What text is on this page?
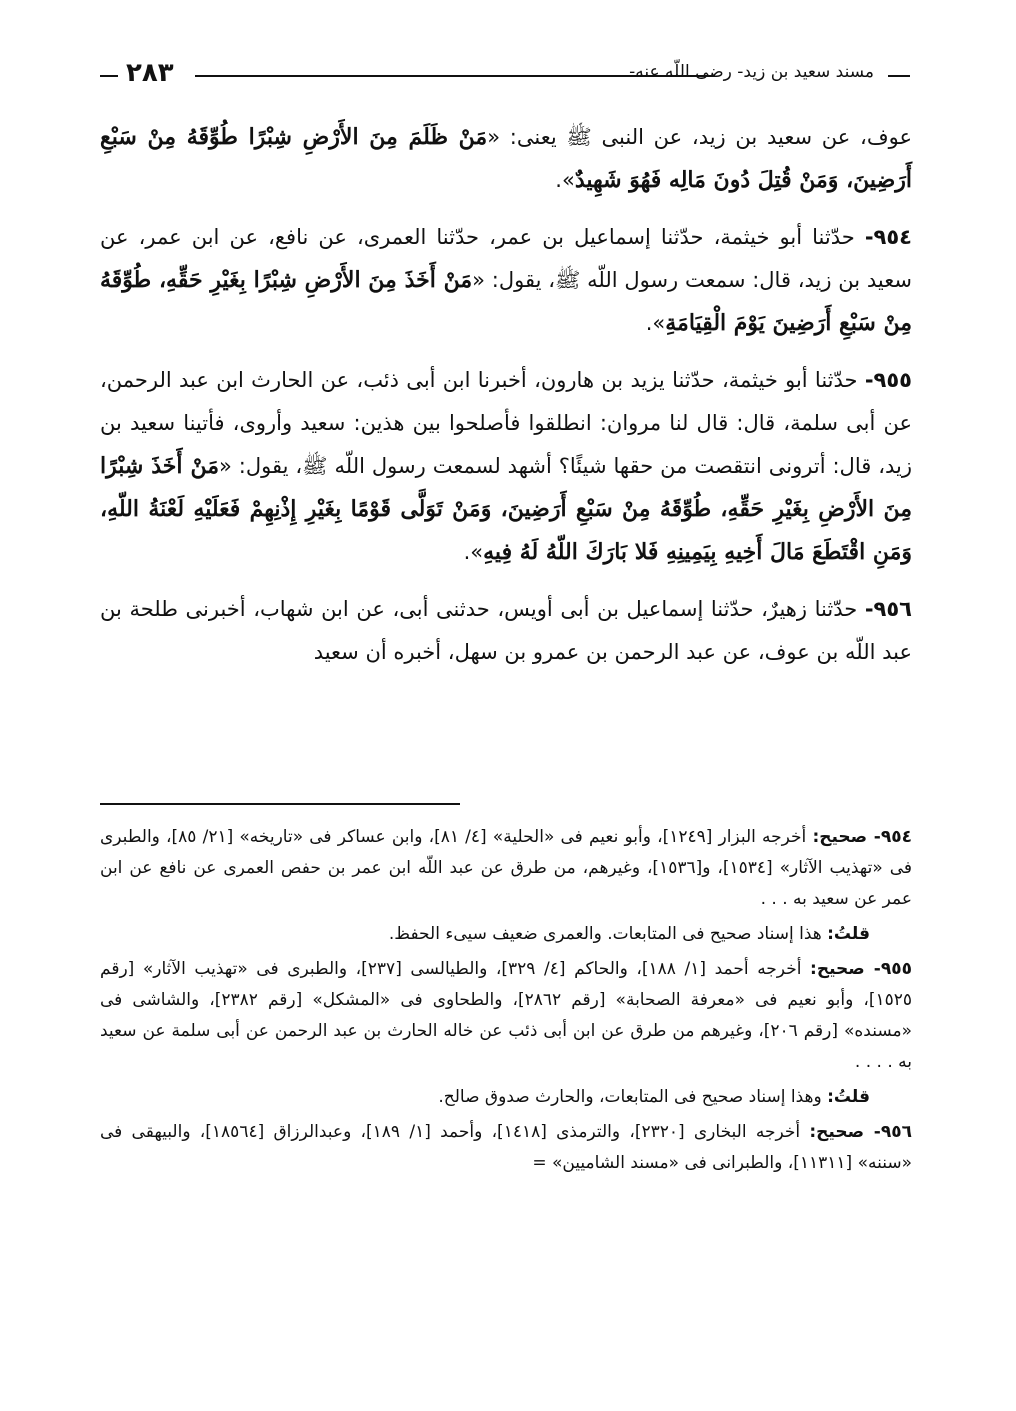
٢٨٣	مسند سعيد بن زيد- رضى اللّه عنه-

عوف، عن سعيد بن زيد، عن النبى ﷺ يعنى: «مَنْ ظَلَمَ مِنَ الأَرْضِ شِبْرًا طُوِّقَهُ مِنْ سَبْعِ أَرَضِينَ، وَمَنْ قُتِلَ دُونَ مَالِه فَهُوَ شَهِيدٌ».

٩٥٤- حدّثنا أبو خيثمة، حدّثنا إسماعيل بن عمر، حدّثنا العمرى، عن نافع، عن ابن عمر، عن سعيد بن زيد، قال: سمعت رسول اللّه ﷺ، يقول: «مَنْ أَخَذَ مِنَ الأَرْضِ شِبْرًا بِغَيْرِ حَقِّهِ، طُوِّقَهُ مِنْ سَبْعِ أَرَضِينَ يَوْمَ الْقِيَامَةِ».

٩٥٥- حدّثنا أبو خيثمة، حدّثنا يزيد بن هارون، أخبرنا ابن أبى ذئب، عن الحارث ابن عبد الرحمن، عن أبى سلمة، قال: قال لنا مروان: انطلقوا فأصلحوا بين هذين: سعيد وأروى، فأتينا سعيد بن زيد، قال: أترونى انتقصت من حقها شيئًا؟ أشهد لسمعت رسول اللّه ﷺ، يقول: «مَنْ أَخَذَ شِبْرًا مِنَ الأَرْضِ بِغَيْرِ حَقِّهِ، طُوِّقَهُ مِنْ سَبْعِ أَرَضِينَ، وَمَنْ تَوَلَّى قَوْمًا بِغَيْرِ إِذْنِهِمْ فَعَلَيْهِ لَعْنَةُ اللّهِ، وَمَنِ اقْتَطَعَ مَالَ أَخِيهِ بِيَمِينِهِ فَلا بَارَكَ اللّهُ لَهُ فِيهِ».

٩٥٦- حدّثنا زهيرٌ، حدّثنا إسماعيل بن أبى أويس، حدثنى أبى، عن ابن شهاب، أخبرنى طلحة بن عبد اللّه بن عوف، عن عبد الرحمن بن عمرو بن سهل، أخبره أن سعيد

٩٥٤- صحيح: أخرجه البزار [١٢٤٩]، وأبو نعيم فى «الحلية» [٤/ ٨١]، وابن عساكر فى «تاريخه» [٢١/ ٨٥]، والطبرى فى «تهذيب الآثار» [١٥٣٤]، و[١٥٣٦]، وغيرهم، من طرق عن عبد اللّه ابن عمر بن حفص العمرى عن نافع عن ابن عمر عن سعيد به . . .

قلتُ: هذا إسناد صحيح فى المتابعات. والعمرى ضعيف سيىء الحفظ.

٩٥٥- صحيح: أخرجه أحمد [١/ ١٨٨]، والحاكم [٤/ ٣٢٩]، والطيالسى [٢٣٧]، والطبرى فى «تهذيب الآثار» [رقم ١٥٢٥]، وأبو نعيم فى «معرفة الصحابة» [رقم ٢٨٦٢]، والطحاوى فى «المشكل» [رقم ٢٣٨٢]، والشاشى فى «مسنده» [رقم ٢٠٦]، وغيرهم من طرق عن ابن أبى ذئب عن خاله الحارث بن عبد الرحمن عن أبى سلمة عن سعيد به . . . .

قلتُ: وهذا إسناد صحيح فى المتابعات، والحارث صدوق صالح.

٩٥٦- صحيح: أخرجه البخارى [٢٣٢٠]، والترمذى [١٤١٨]، وأحمد [١/ ١٨٩]، وعبدالرزاق [١٨٥٦٤]، والبيهقى فى «سننه» [١١٣١١]، والطبرانى فى «مسند الشاميين» =
